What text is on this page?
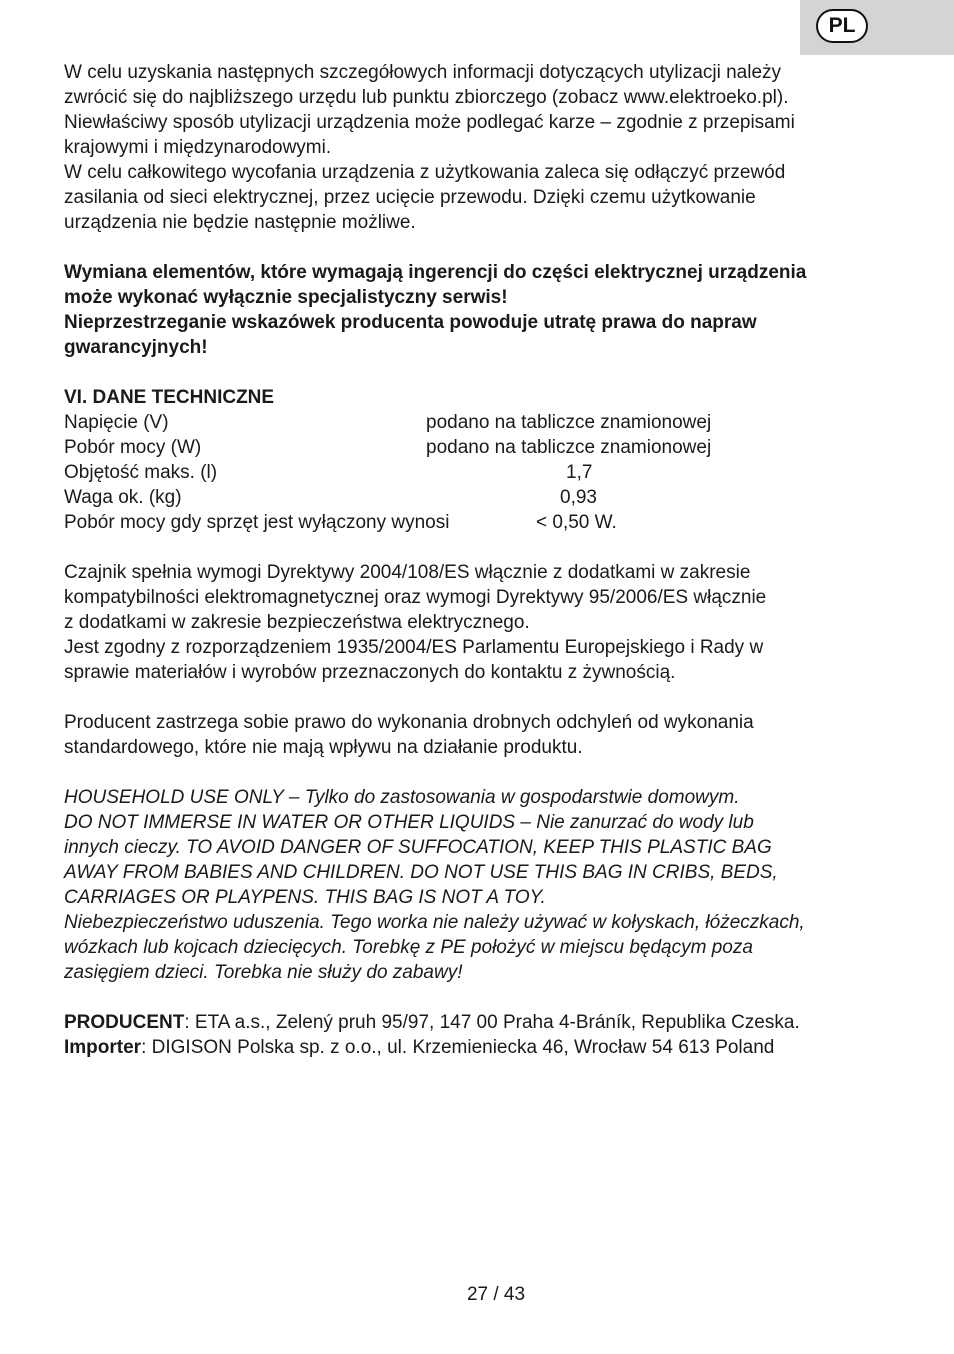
PL

W celu uzyskania następnych szczegółowych informacji dotyczących utylizacji należy

zwrócić się do najbliższego urzędu lub punktu zbiorczego (zobacz www.elektroeko.pl).

Niewłaściwy sposób utylizacji urządzenia może podlegać karze – zgodnie z przepisami

krajowymi i międzynarodowymi.

W celu całkowitego wycofania urządzenia z użytkowania zaleca się odłączyć przewód

zasilania od sieci elektrycznej, przez ucięcie przewodu. Dzięki czemu użytkowanie

urządzenia nie będzie następnie możliwe.

Wymiana elementów, które wymagają ingerencji do części elektrycznej urządzenia

może wykonać wyłącznie specjalistyczny serwis!

Nieprzestrzeganie wskazówek producenta powoduje utratę prawa do napraw

gwarancyjnych!

VI. DANE TECHNICZNE

Napięcie (V)	podano na tabliczce znamionowej
Pobór mocy (W)	podano na tabliczce znamionowej
Objętość maks. (l)	1,7
Waga ok. (kg)	0,93
Pobór mocy gdy sprzęt jest wyłączony wynosi	< 0,50 W.

Czajnik spełnia wymogi Dyrektywy 2004/108/ES włącznie z dodatkami w zakresie

kompatybilności elektromagnetycznej oraz wymogi Dyrektywy 95/2006/ES włącznie

z dodatkami w zakresie bezpieczeństwa elektrycznego.

Jest zgodny z rozporządzeniem 1935/2004/ES Parlamentu Europejskiego i Rady w

sprawie materiałów i wyrobów przeznaczonych do kontaktu z żywnością.

Producent zastrzega sobie prawo do wykonania drobnych odchyleń od wykonania

standardowego, które nie mają wpływu na działanie produktu.

HOUSEHOLD USE ONLY – Tylko do zastosowania w gospodarstwie domowym.

DO NOT IMMERSE IN WATER OR OTHER LIQUIDS – Nie zanurzać do wody lub

innych cieczy. TO AVOID DANGER OF SUFFOCATION, KEEP THIS PLASTIC BAG

AWAY FROM BABIES AND CHILDREN. DO NOT USE THIS BAG IN CRIBS, BEDS,

CARRIAGES OR PLAYPENS. THIS BAG IS NOT A TOY.

Niebezpieczeństwo uduszenia. Tego worka nie należy używać w kołyskach, łóżeczkach,

wózkach lub kojcach dziecięcych. Torebkę z PE położyć w miejscu będącym poza

zasięgiem dzieci. Torebka nie służy do zabawy!

PRODUCENT: ETA a.s., Zelený pruh 95/97, 147 00 Praha 4-Bráník, Republika Czeska.

Importer: DIGISON Polska sp. z o.o., ul. Krzemieniecka 46, Wrocław 54 613 Poland

27 / 43
